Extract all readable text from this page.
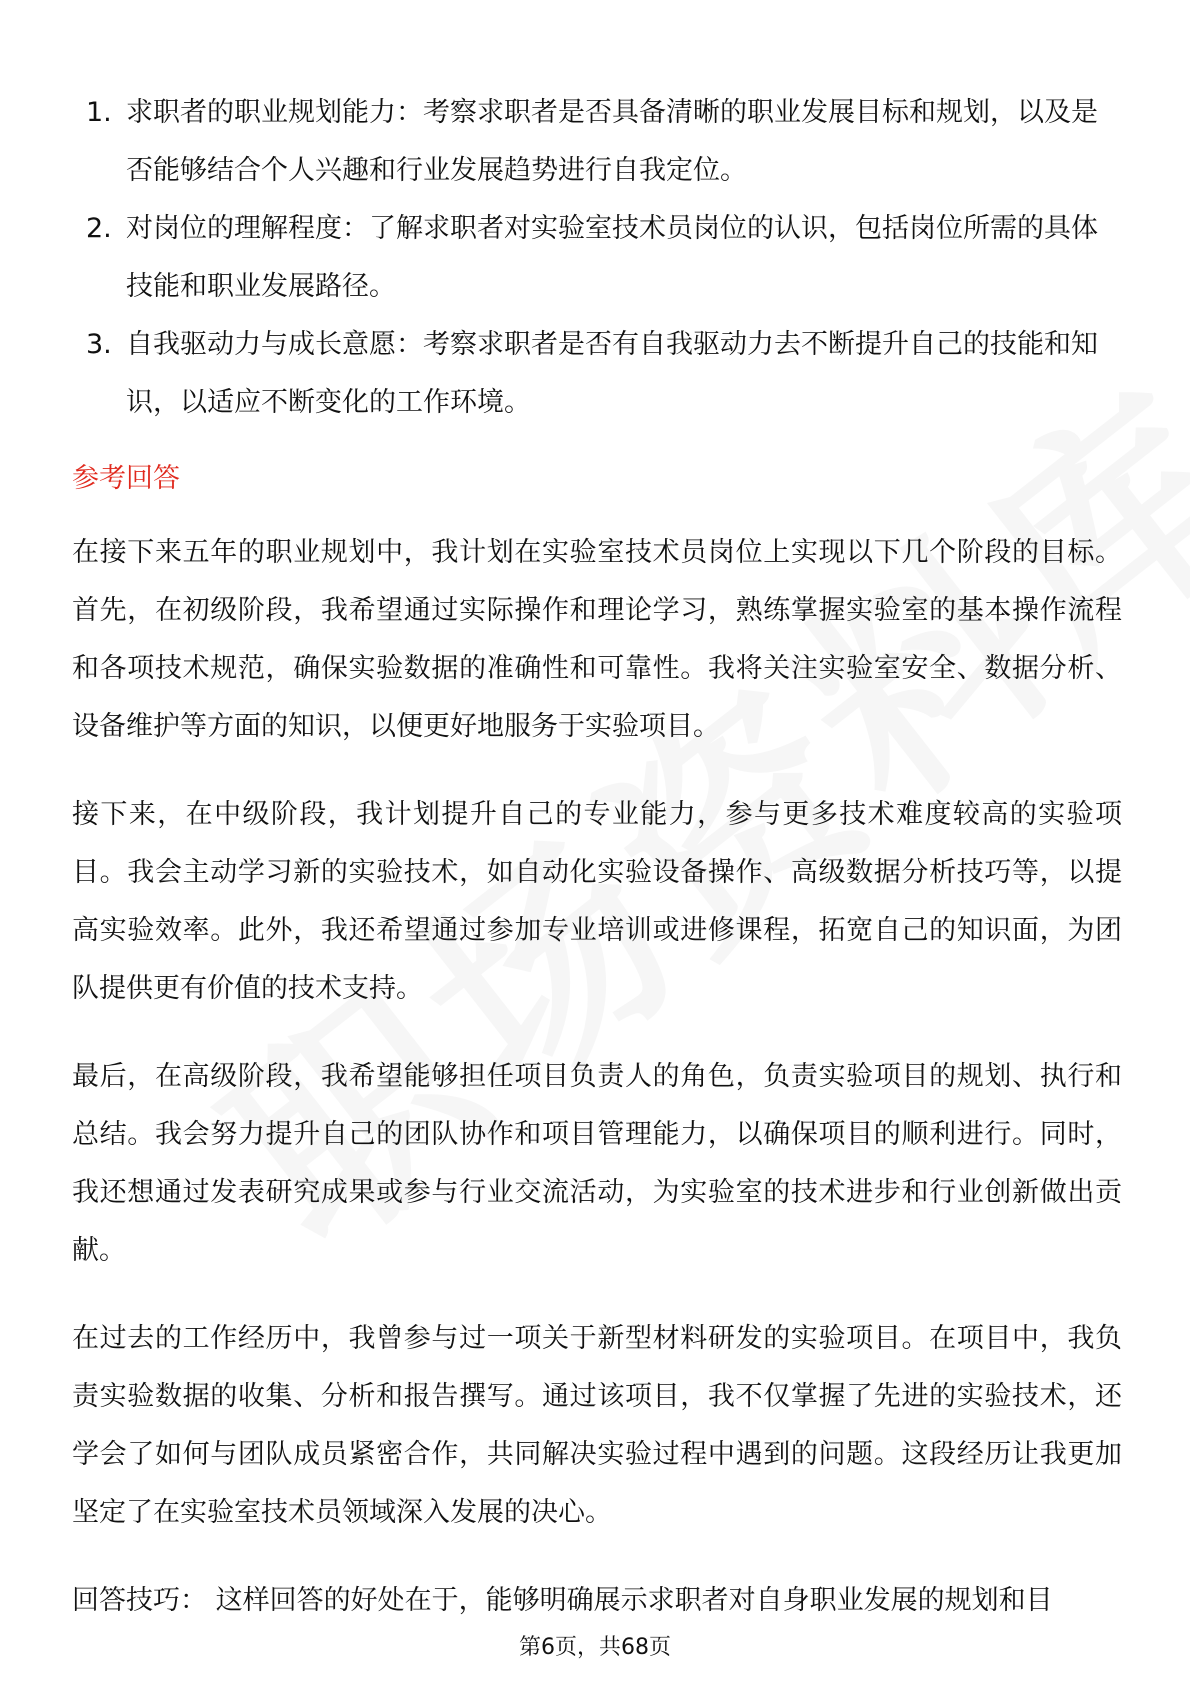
1. 求职者的职业规划能力：考察求职者是否具备清晰的职业发展目标和规划，以及是否能够结合个人兴趣和行业发展趋势进行自我定位。
2. 对岗位的理解程度：了解求职者对实验室技术员岗位的认识，包括岗位所需的具体技能和职业发展路径。
3. 自我驱动力与成长意愿：考察求职者是否有自我驱动力去不断提升自己的技能和知识，以适应不断变化的工作环境。
参考回答

在接下来五年的职业规划中，我计划在实验室技术员岗位上实现以下几个阶段的目标。首先，在初级阶段，我希望通过实际操作和理论学习，熟练掌握实验室的基本操作流程和各项技术规范，确保实验数据的准确性和可靠性。我将关注实验室安全、数据分析、设备维护等方面的知识，以便更好地服务于实验项目。

接下来，在中级阶段，我计划提升自己的专业能力，参与更多技术难度较高的实验项目。我会主动学习新的实验技术，如自动化实验设备操作、高级数据分析技巧等，以提高实验效率。此外，我还希望通过参加专业培训或进修课程，拓宽自己的知识面，为团队提供更有价值的技术支持。

最后，在高级阶段，我希望能够担任项目负责人的角色，负责实验项目的规划、执行和总结。我会努力提升自己的团队协作和项目管理能力，以确保项目的顺利进行。同时，我还想通过发表研究成果或参与行业交流活动，为实验室的技术进步和行业创新做出贡献。

在过去的工作经历中，我曾参与过一项关于新型材料研发的实验项目。在项目中，我负责实验数据的收集、分析和报告撰写。通过该项目，我不仅掌握了先进的实验技术，还学会了如何与团队成员紧密合作，共同解决实验过程中遇到的问题。这段经历让我更加坚定了在实验室技术员领域深入发展的决心。

回答技巧： 这样回答的好处在于，能够明确展示求职者对自身职业发展的规划和目

第6页，共68页
